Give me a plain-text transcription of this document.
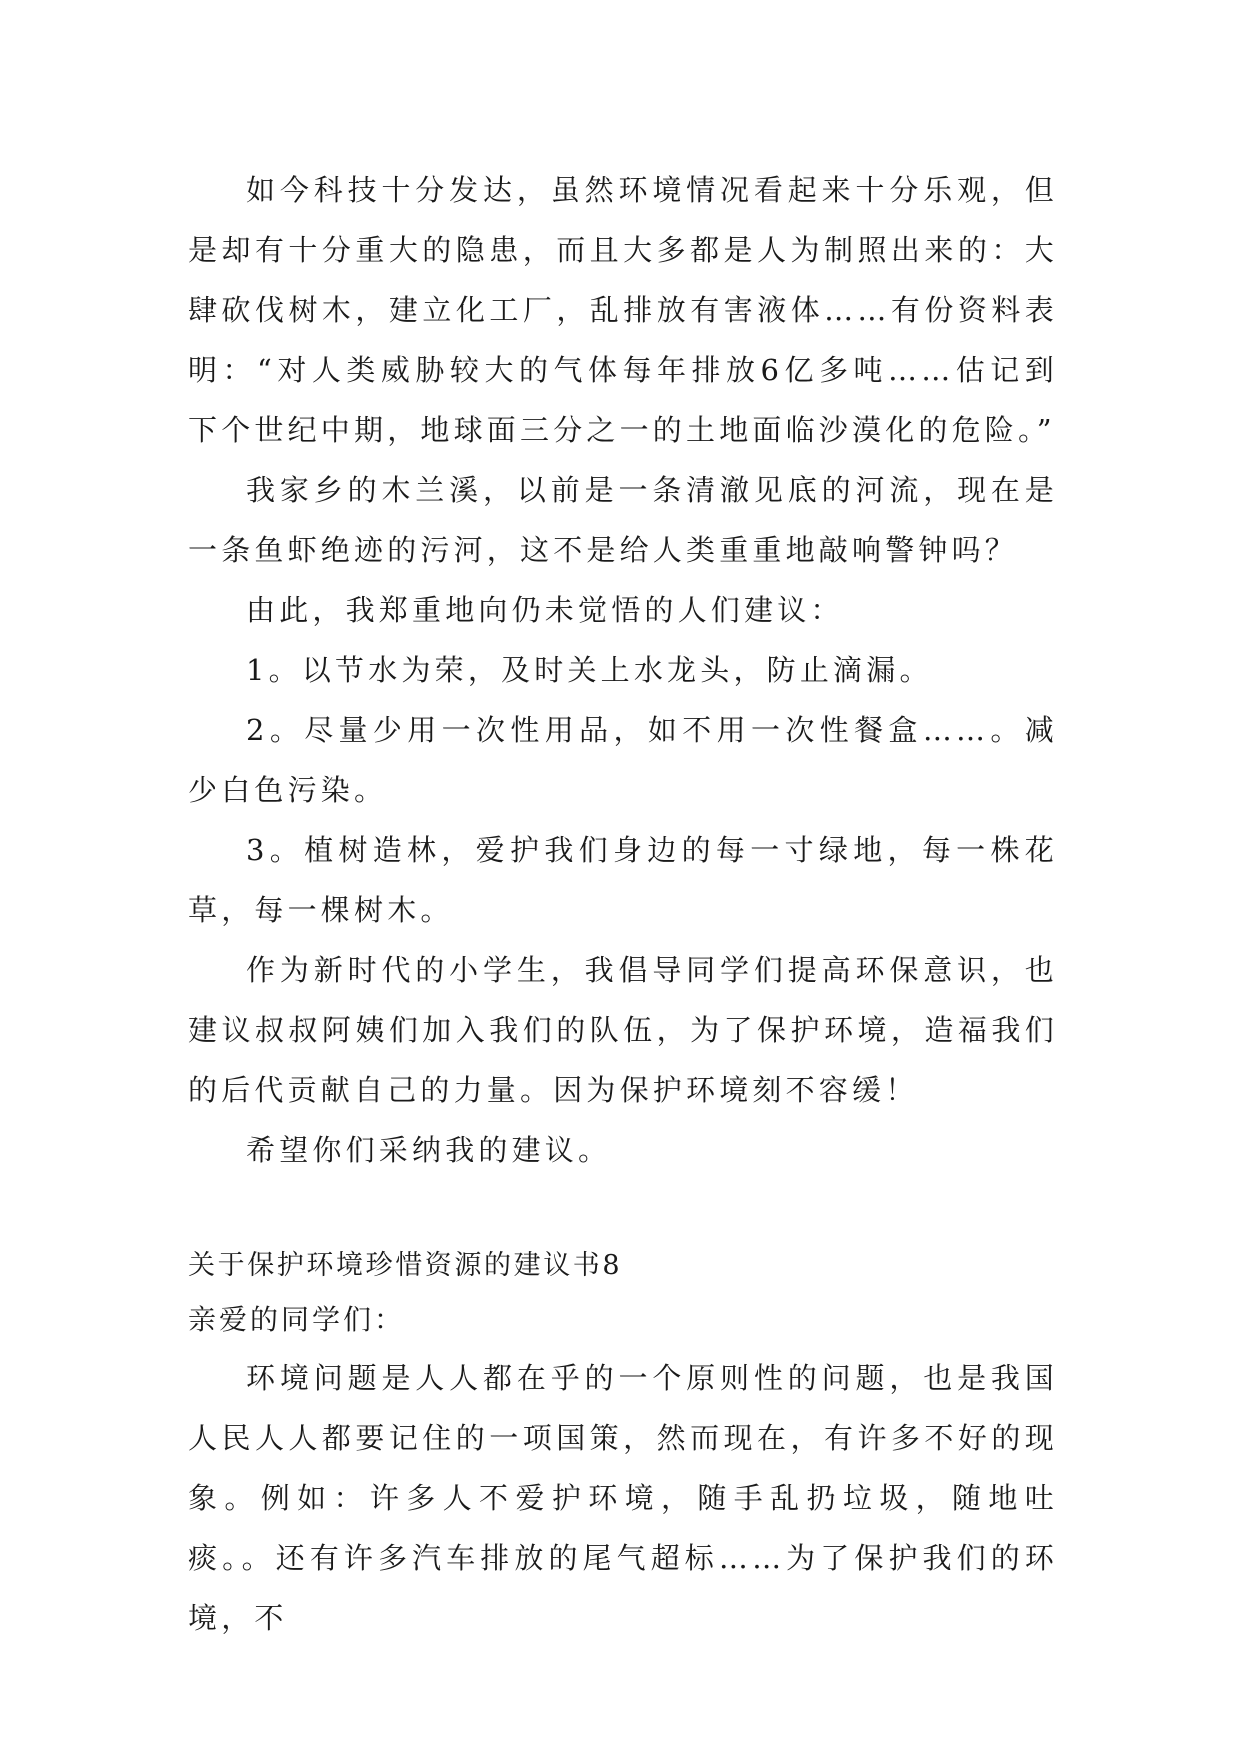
如今科技十分发达，虽然环境情况看起来十分乐观，但是却有十分重大的隐患，而且大多都是人为制照出来的：大肆砍伐树木，建立化工厂，乱排放有害液体……有份资料表明：“对人类威胁较大的气体每年排放6亿多吨……估记到下个世纪中期，地球面三分之一的土地面临沙漠化的危险。”

我家乡的木兰溪，以前是一条清澈见底的河流，现在是一条鱼虾绝迹的污河，这不是给人类重重地敲响警钟吗？

由此，我郑重地向仍未觉悟的人们建议：

1。以节水为荣，及时关上水龙头，防止滴漏。

2。尽量少用一次性用品，如不用一次性餐盒……。减少白色污染。

3。植树造林，爱护我们身边的每一寸绿地，每一株花草，每一棵树木。

作为新时代的小学生，我倡导同学们提高环保意识，也建议叔叔阿姨们加入我们的队伍，为了保护环境，造福我们的后代贡献自己的力量。因为保护环境刻不容缓！

希望你们采纳我的建议。

关于保护环境珍惜资源的建议书8

亲爱的同学们：

环境问题是人人都在乎的一个原则性的问题，也是我国人民人人都要记住的一项国策，然而现在，有许多不好的现象。例如：许多人不爱护环境，随手乱扔垃圾，随地吐痰。。还有许多汽车排放的尾气超标……为了保护我们的环境，不
